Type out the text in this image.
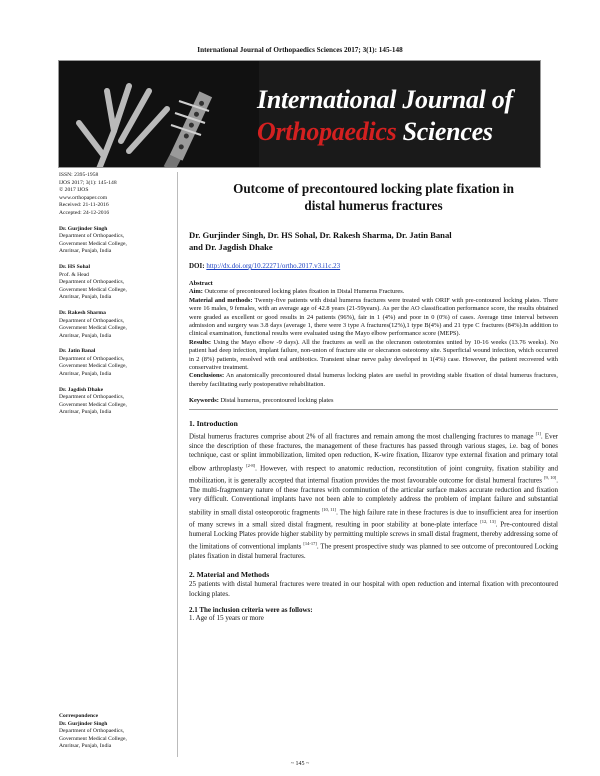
International Journal of Orthopaedics Sciences 2017; 3(1): 145-148
International Journal of
Orthopaedics Sciences
ISSN: 2395-1958
IJOS 2017; 3(1): 145-148
© 2017 IJOS
www.orthopaper.com
Received: 21-11-2016
Accepted: 24-12-2016
Dr. Gurjinder Singh
Department of Orthopaedics,
Government Medical College,
Amritsar, Punjab, India
Dr. HS Sohal
Prof. & Head
Department of Orthopaedics,
Government Medical College,
Amritsar, Punjab, India
Dr. Rakesh Sharma
Department of Orthopaedics,
Government Medical College,
Amritsar, Punjab, India
Dr. Jatin Banal
Department of Orthopaedics,
Government Medical College,
Amritsar, Punjab, India
Dr. Jagdish Dhake
Department of Orthopaedics,
Government Medical College,
Amritsar, Punjab, India
Correspondence
Dr. Gurjinder Singh
Department of Orthopaedics,
Government Medical College,
Amritsar, Punjab, India
Outcome of precontoured locking plate fixation in
distal humerus fractures
Dr. Gurjinder Singh, Dr. HS Sohal, Dr. Rakesh Sharma, Dr. Jatin Banal
and Dr. Jagdish Dhake
DOI: http://dx.doi.org/10.22271/ortho.2017.v3.i1c.23

Abstract

Aim: Outcome of precontoured locking plates fixation in Distal Humerus Fractures.

Material and methods: Twenty-five patients with distal humerus fractures were treated with ORIF with pre-contoured locking plates. There were 16 males, 9 females, with an average age of 42.8 years (21-59years). As per the AO classification performance score, the results obtained were graded as excellent or good results in 24 patients (96%), fair in 1 (4%) and poor in 0 (0%) of cases. Average time interval between admission and surgery was 3.8 days (average 1, there were 3 type A fractures(12%),1 type B(4%) and 21 type C fractures (84%).In addition to clinical examination, functional results were evaluated using the Mayo elbow performance score (MEPS).

Results: Using the Mayo elbow -9 days). All the fractures as well as the olecranon osteotomies united by 10-16 weeks (13.76 weeks). No patient had deep infection, implant failure, non-union of fracture site or olecranon osteotomy site. Superficial wound infection, which occurred in 2 (8%) patients, resolved with oral antibiotics. Transient ulnar nerve palsy developed in 1(4%) case. However, the patient recovered with conservative treatment.

Conclusions: An anatomically precontoured distal humerus locking plates are useful in providing stable fixation of distal humerus fractures, thereby facilitating early postoperative rehabilitation.

Keywords: Distal humerus, precontoured locking plates
1. Introduction
Distal humerus fractures comprise about 2% of all fractures and remain among the most challenging fractures to manage [1]. Ever since the description of these fractures, the management of these fractures has passed through various stages, i.e. bag of bones technique, cast or splint immobilization, limited open reduction, K-wire fixation, Ilizarov type external fixation and primary total elbow arthroplasty [2-8]. However, with respect to anatomic reduction, reconstitution of joint congruity, fixation stability and mobilization, it is generally accepted that internal fixation provides the most favourable outcome for distal humeral fractures [9, 10]. The multi-fragmentary nature of these fractures with comminution of the articular surface makes accurate reduction and fixation very difficult. Conventional implants have not been able to completely address the problem of implant failure and substantial stability in small distal osteoporotic fragments [10, 11]. The high failure rate in these fractures is due to insufficient area for insertion of many screws in a small sized distal fragment, resulting in poor stability at bone-plate interface [12, 13]. Pre-contoured distal humeral Locking Plates provide higher stability by permitting multiple screws in small distal fragment, thereby addressing some of the limitations of conventional implants [14-17]. The present prospective study was planned to see outcome of precontoured Locking plates fixation in distal humeral fractures.
2. Material and Methods
25 patients with distal humeral fractures were treated in our hospital with open reduction and internal fixation with precontoured locking plates.
2.1 The inclusion criteria were as follows:
1. Age of 15 years or more
~ 145 ~
